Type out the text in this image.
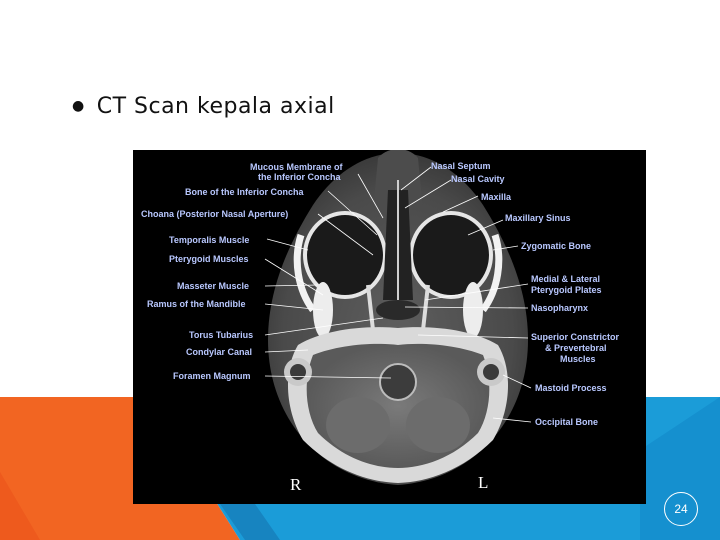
● CT Scan kepala axial
Mucous Membrane of
the Inferior Concha
Bone of the Inferior Concha
Choana (Posterior Nasal Aperture)
Temporalis Muscle
Pterygoid Muscles
Masseter Muscle
Ramus of the Mandible
Torus Tubarius
Condylar Canal
Foramen Magnum
Nasal Septum
Nasal Cavity
Maxilla
Maxillary Sinus
Zygomatic Bone
Medial & Lateral
Pterygoid Plates
Nasopharynx
Superior Constrictor
& Prevertebral
Muscles
Mastoid Process
Occipital Bone
R	L
24
